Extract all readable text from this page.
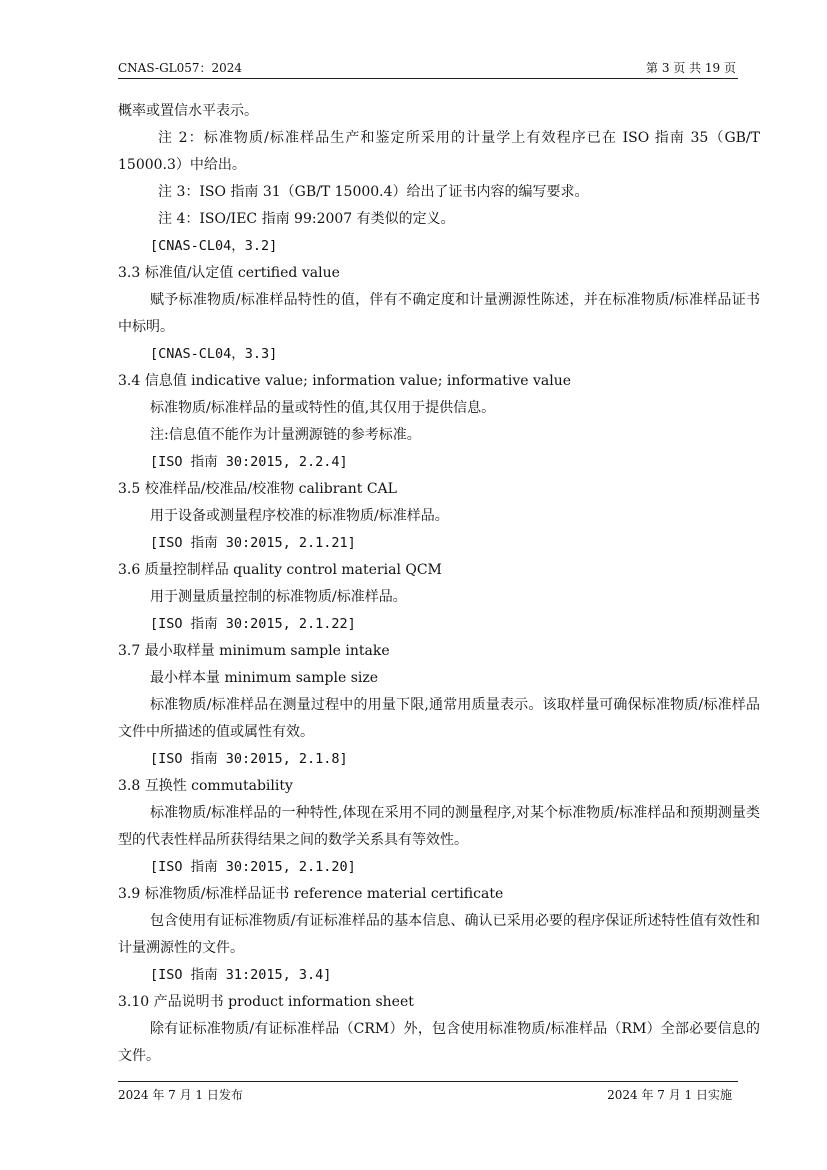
CNAS-GL057：2024	第 3 页 共 19 页

概率或置信水平表示。

注 2：标准物质/标准样品生产和鉴定所采用的计量学上有效程序已在 ISO 指南 35（GB/T 15000.3）中给出。

注 3：ISO 指南 31（GB/T 15000.4）给出了证书内容的编写要求。

注 4：ISO/IEC 指南 99:2007 有类似的定义。

[CNAS-CL04，3.2]

3.3 标准值/认定值 certified value

赋予标准物质/标准样品特性的值，伴有不确定度和计量溯源性陈述，并在标准物质/标准样品证书中标明。

[CNAS-CL04，3.3]

3.4 信息值 indicative value; information value; informative value

标准物质/标准样品的量或特性的值,其仅用于提供信息。

注:信息值不能作为计量溯源链的参考标准。

[ISO 指南 30:2015, 2.2.4]

3.5 校准样品/校准品/校准物 calibrant CAL

用于设备或测量程序校准的标准物质/标准样品。

[ISO 指南 30:2015, 2.1.21]

3.6 质量控制样品 quality control material QCM

用于测量质量控制的标准物质/标准样品。

[ISO 指南 30:2015, 2.1.22]

3.7 最小取样量 minimum sample intake

最小样本量 minimum sample size

标准物质/标准样品在测量过程中的用量下限,通常用质量表示。该取样量可确保标准物质/标准样品文件中所描述的值或属性有效。

[ISO 指南 30:2015, 2.1.8]

3.8 互换性 commutability

标准物质/标准样品的一种特性,体现在采用不同的测量程序,对某个标准物质/标准样品和预期测量类型的代表性样品所获得结果之间的数学关系具有等效性。

[ISO 指南 30:2015, 2.1.20]

3.9 标准物质/标准样品证书 reference material certificate

包含使用有证标准物质/有证标准样品的基本信息、确认已采用必要的程序保证所述特性值有效性和计量溯源性的文件。

[ISO 指南 31:2015, 3.4]

3.10 产品说明书 product information sheet

除有证标准物质/有证标准样品（CRM）外，包含使用标准物质/标准样品（RM）全部必要信息的文件。

2024 年 7 月 1 日发布	2024 年 7 月 1 日实施
